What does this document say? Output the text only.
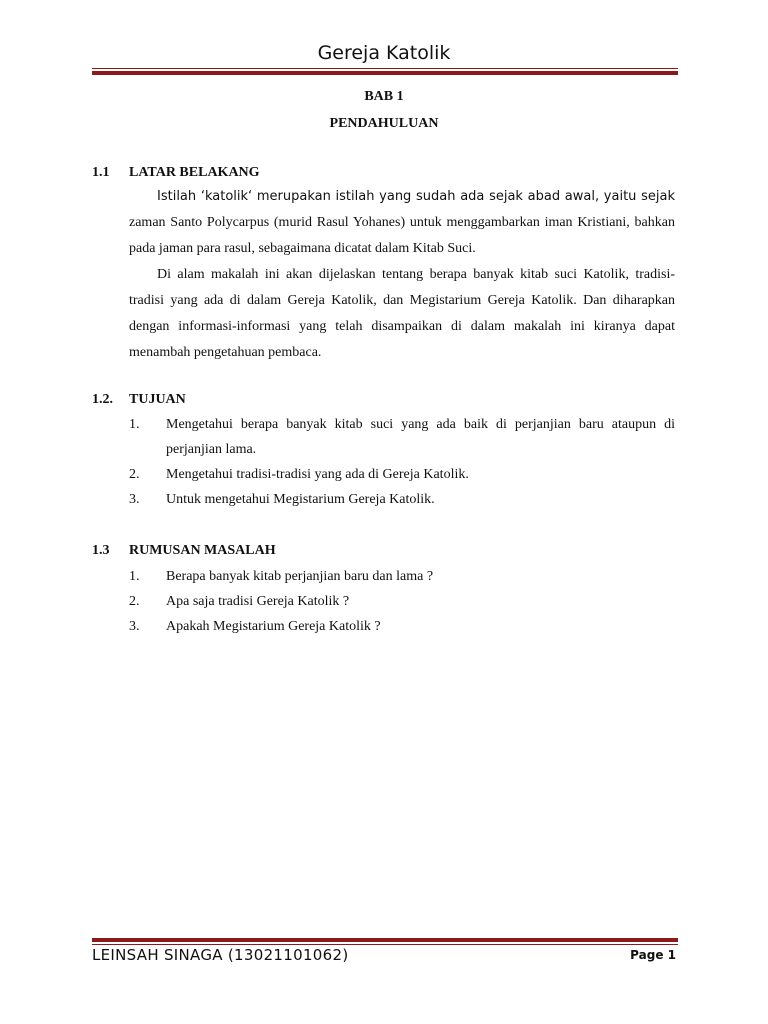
Gereja Katolik
BAB 1
PENDAHULUAN
1.1 LATAR BELAKANG

Istilah ‘katolik‘ merupakan istilah yang sudah ada sejak abad awal, yaitu sejak zaman Santo Polycarpus (murid Rasul Yohanes) untuk menggambarkan iman Kristiani, bahkan pada jaman para rasul, sebagaimana dicatat dalam Kitab Suci.

Di alam makalah ini akan dijelaskan tentang berapa banyak kitab suci Katolik, tradisi-tradisi yang ada di dalam Gereja Katolik, dan Megistarium Gereja Katolik. Dan diharapkan dengan informasi-informasi yang telah disampaikan di dalam makalah ini kiranya dapat menambah pengetahuan pembaca.

1.2. TUJUAN
1. Mengetahui berapa banyak kitab suci yang ada baik di perjanjian baru ataupun di perjanjian lama.
2. Mengetahui tradisi-tradisi yang ada di Gereja Katolik.
3. Untuk mengetahui Megistarium Gereja Katolik.
1.3 RUMUSAN MASALAH
1. Berapa banyak kitab perjanjian baru dan lama ?
2. Apa saja tradisi Gereja Katolik ?
3. Apakah Megistarium Gereja Katolik ?
LEINSAH SINAGA (13021101062)	Page 1
